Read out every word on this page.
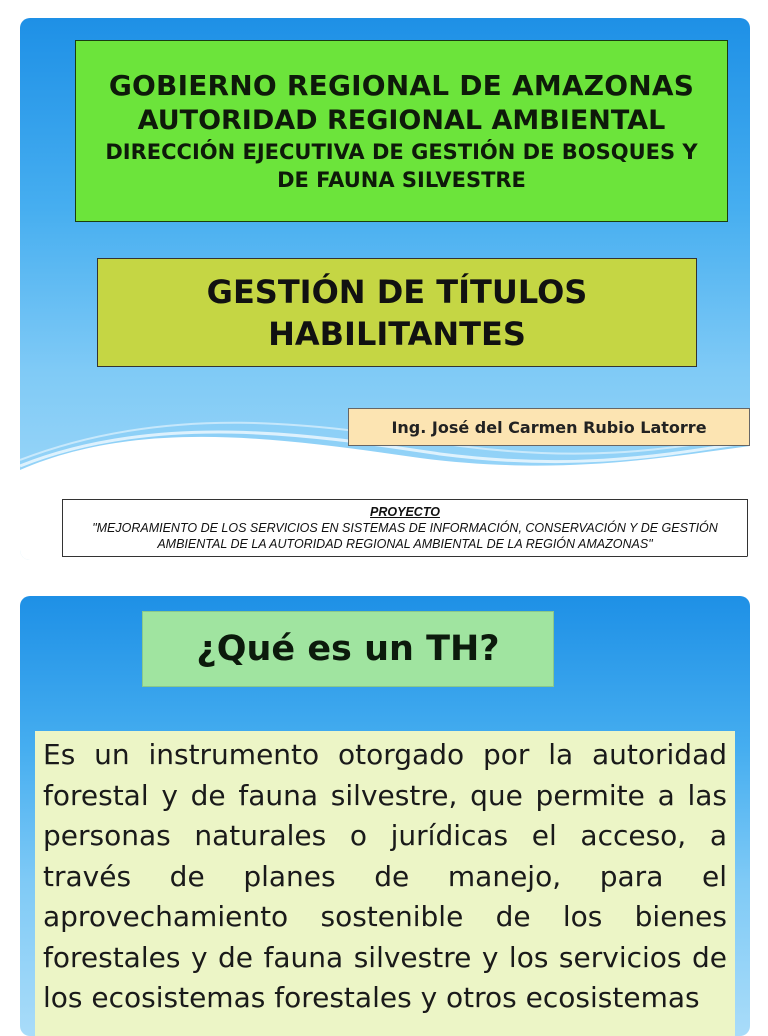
GOBIERNO REGIONAL DE AMAZONAS
AUTORIDAD REGIONAL AMBIENTAL
DIRECCIÓN EJECUTIVA DE GESTIÓN DE BOSQUES Y DE FAUNA SILVESTRE
GESTIÓN DE TÍTULOS HABILITANTES
Ing. José del Carmen Rubio Latorre
PROYECTO
"MEJORAMIENTO DE LOS SERVICIOS EN SISTEMAS DE INFORMACIÓN, CONSERVACIÓN Y DE GESTIÓN AMBIENTAL DE LA AUTORIDAD REGIONAL AMBIENTAL DE LA REGIÓN AMAZONAS"
¿Qué es un TH?
Es un instrumento otorgado por la autoridad forestal y de fauna silvestre, que permite a las personas naturales o jurídicas el acceso, a través de planes de manejo, para el aprovechamiento sostenible de los bienes forestales y de fauna silvestre y los servicios de los ecosistemas forestales y otros ecosistemas
